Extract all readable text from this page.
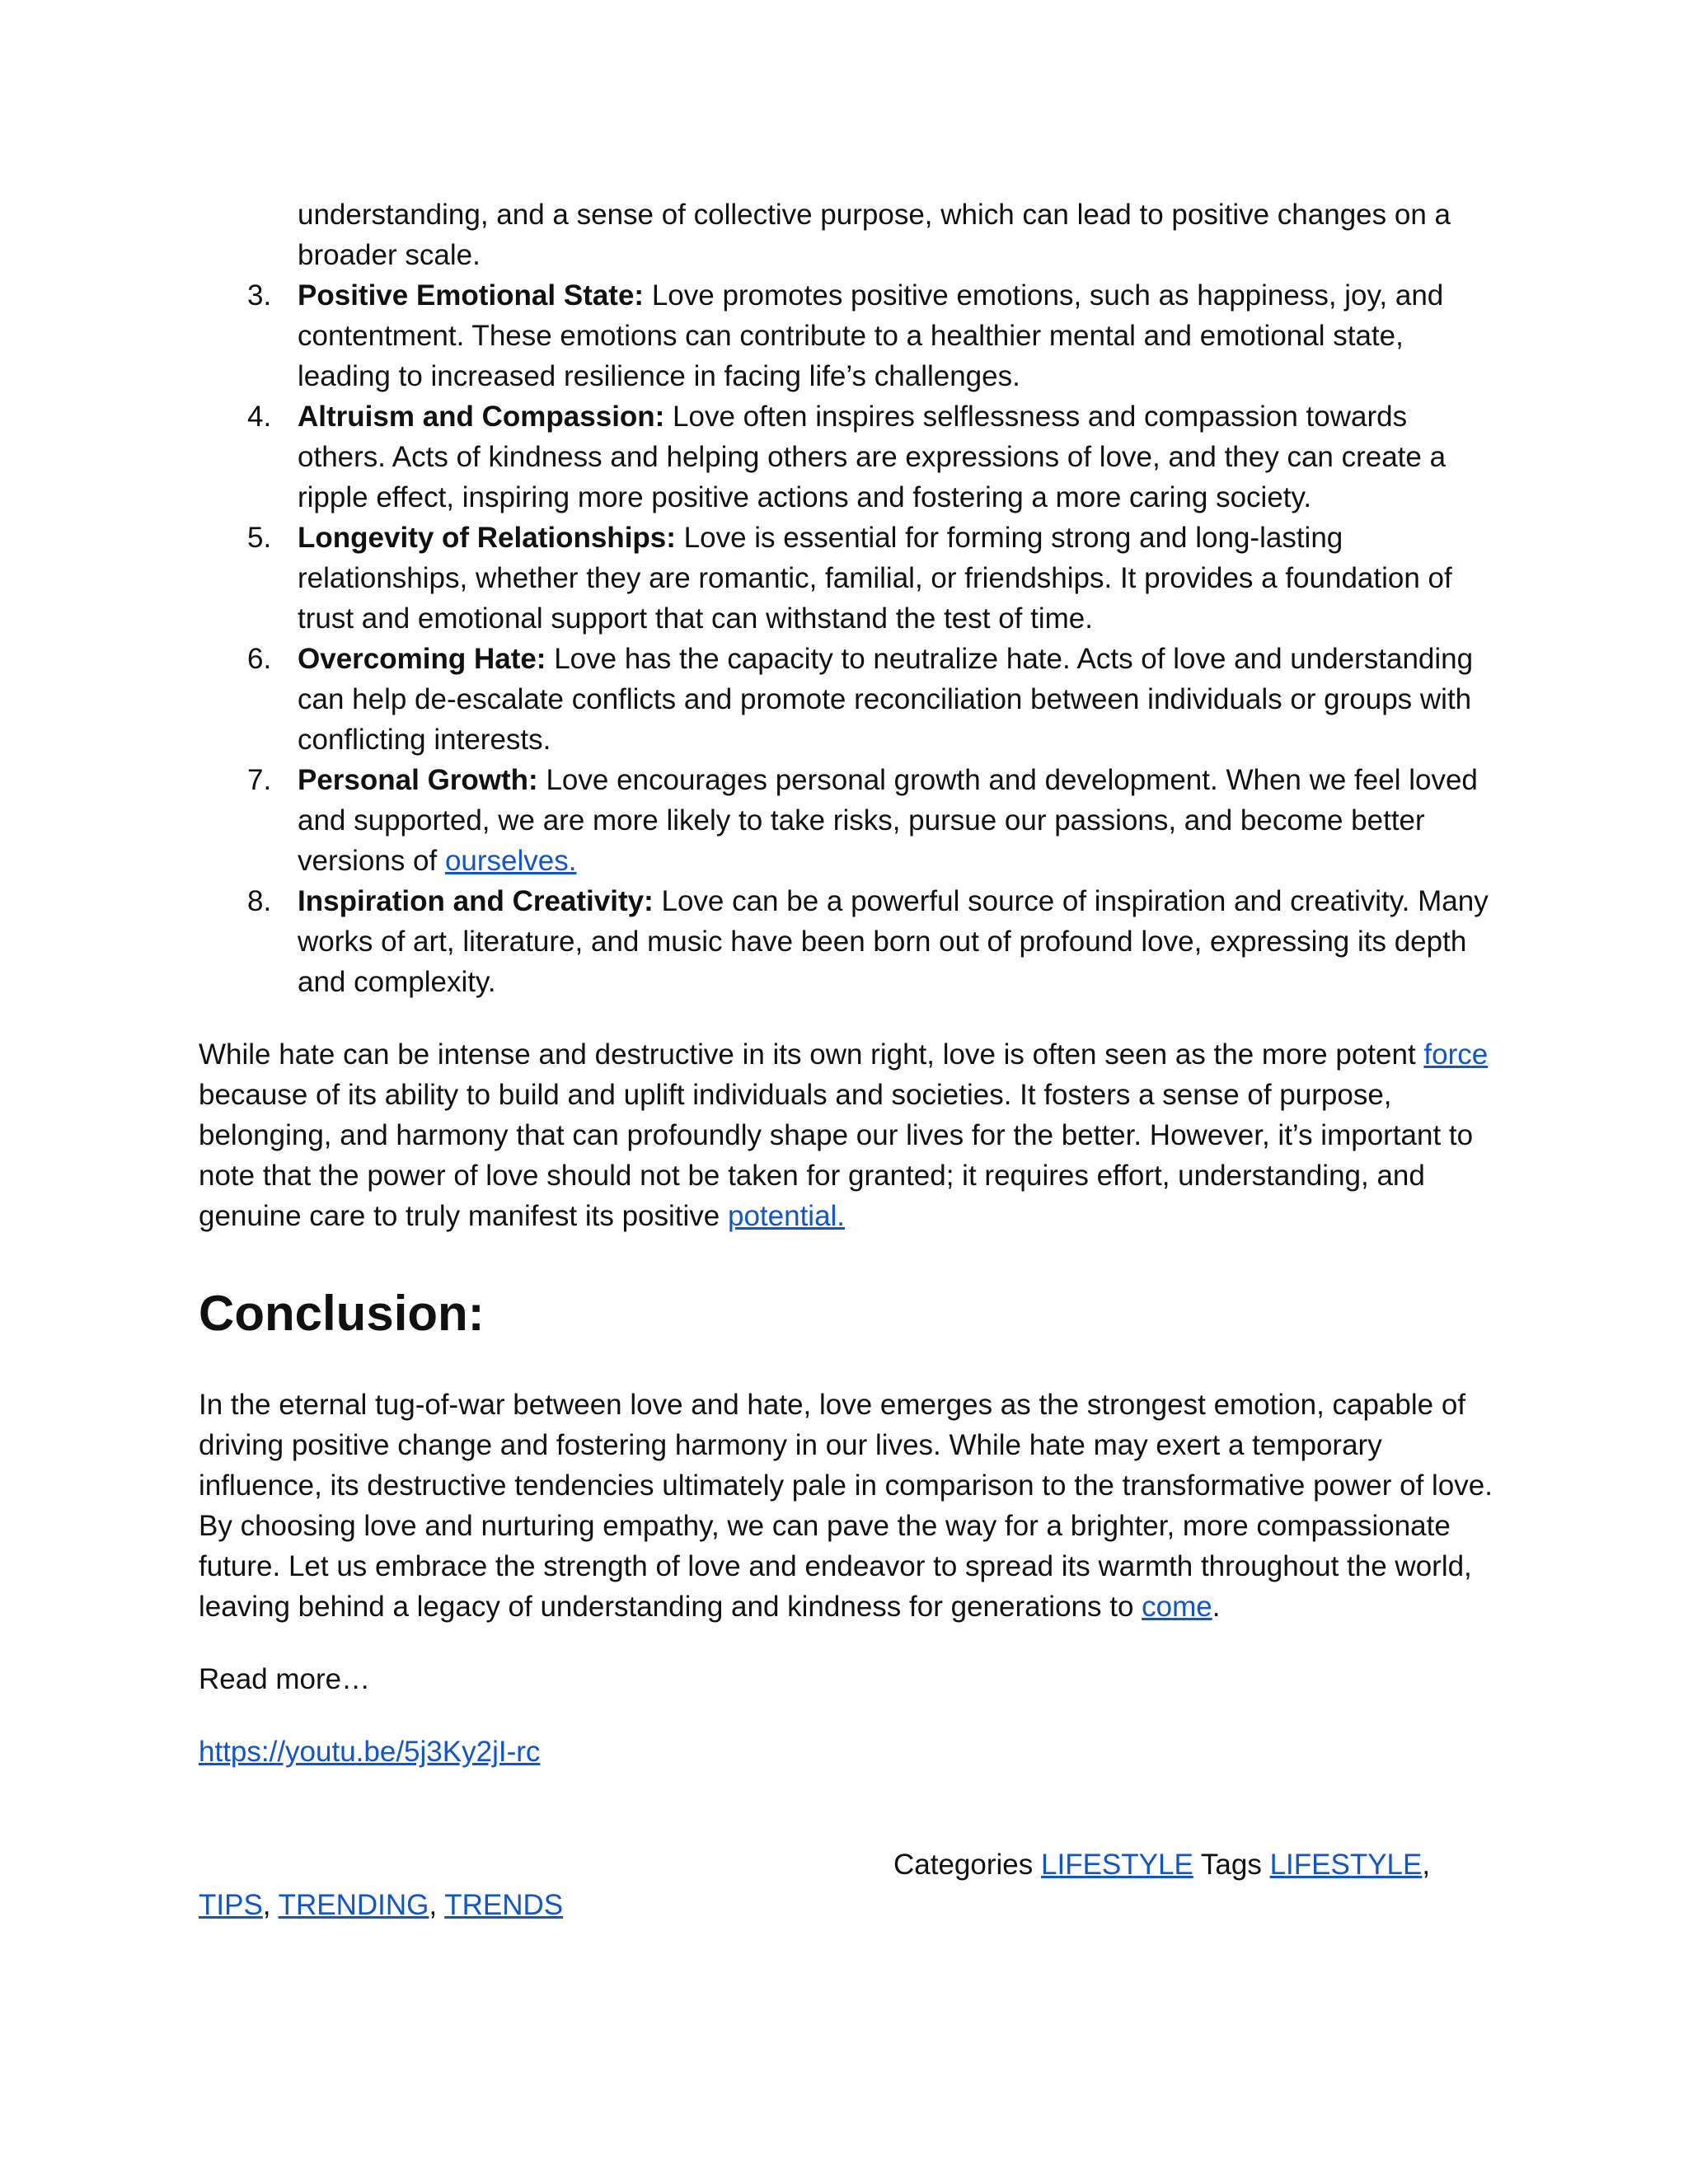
understanding, and a sense of collective purpose, which can lead to positive changes on a broader scale.
3. Positive Emotional State: Love promotes positive emotions, such as happiness, joy, and contentment. These emotions can contribute to a healthier mental and emotional state, leading to increased resilience in facing life’s challenges.
4. Altruism and Compassion: Love often inspires selflessness and compassion towards others. Acts of kindness and helping others are expressions of love, and they can create a ripple effect, inspiring more positive actions and fostering a more caring society.
5. Longevity of Relationships: Love is essential for forming strong and long-lasting relationships, whether they are romantic, familial, or friendships. It provides a foundation of trust and emotional support that can withstand the test of time.
6. Overcoming Hate: Love has the capacity to neutralize hate. Acts of love and understanding can help de-escalate conflicts and promote reconciliation between individuals or groups with conflicting interests.
7. Personal Growth: Love encourages personal growth and development. When we feel loved and supported, we are more likely to take risks, pursue our passions, and become better versions of ourselves.
8. Inspiration and Creativity: Love can be a powerful source of inspiration and creativity. Many works of art, literature, and music have been born out of profound love, expressing its depth and complexity.

While hate can be intense and destructive in its own right, love is often seen as the more potent force because of its ability to build and uplift individuals and societies. It fosters a sense of purpose, belonging, and harmony that can profoundly shape our lives for the better. However, it’s important to note that the power of love should not be taken for granted; it requires effort, understanding, and genuine care to truly manifest its positive potential.

Conclusion:

In the eternal tug-of-war between love and hate, love emerges as the strongest emotion, capable of driving positive change and fostering harmony in our lives. While hate may exert a temporary influence, its destructive tendencies ultimately pale in comparison to the transformative power of love. By choosing love and nurturing empathy, we can pave the way for a brighter, more compassionate future. Let us embrace the strength of love and endeavor to spread its warmth throughout the world, leaving behind a legacy of understanding and kindness for generations to come.

Read more…

https://youtu.be/5j3Ky2jI-rc

Categories LIFESTYLE Tags LIFESTYLE, TIPS, TRENDING, TRENDS
